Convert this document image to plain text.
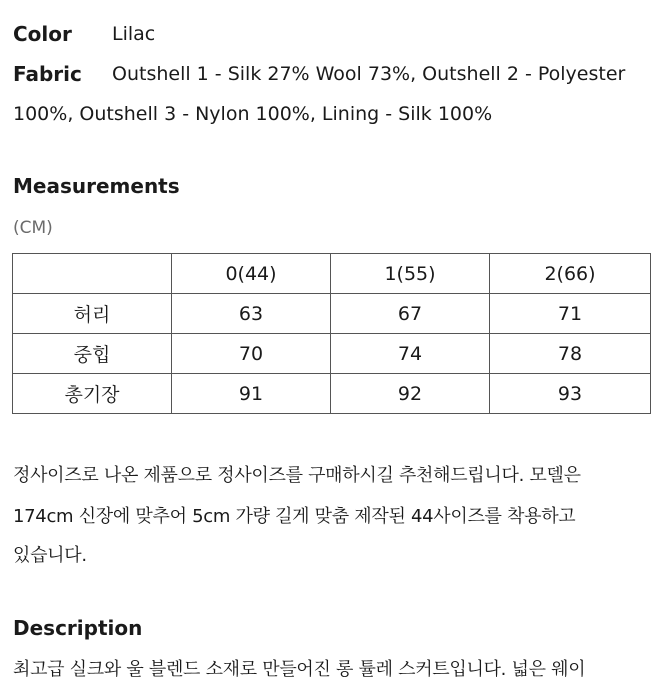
Color Lilac
Fabric Outshell 1 - Silk 27% Wool 73%, Outshell 2 - Polyester
100%, Outshell 3 - Nylon 100%, Lining - Silk 100%
Measurements
(CM)
	0(44)	1(55)	2(66)
허리	63	67	71
중힙	70	74	78
총기장	91	92	93
정사이즈로 나온 제품으로 정사이즈를 구매하시길 추천해드립니다. 모델은
174cm 신장에 맞추어 5cm 가량 길게 맞춤 제작된 44사이즈를 착용하고
있습니다.
Description
최고급 실크와 울 블렌드 소재로 만들어진 롱 튤레 스커트입니다. 넓은 웨이
